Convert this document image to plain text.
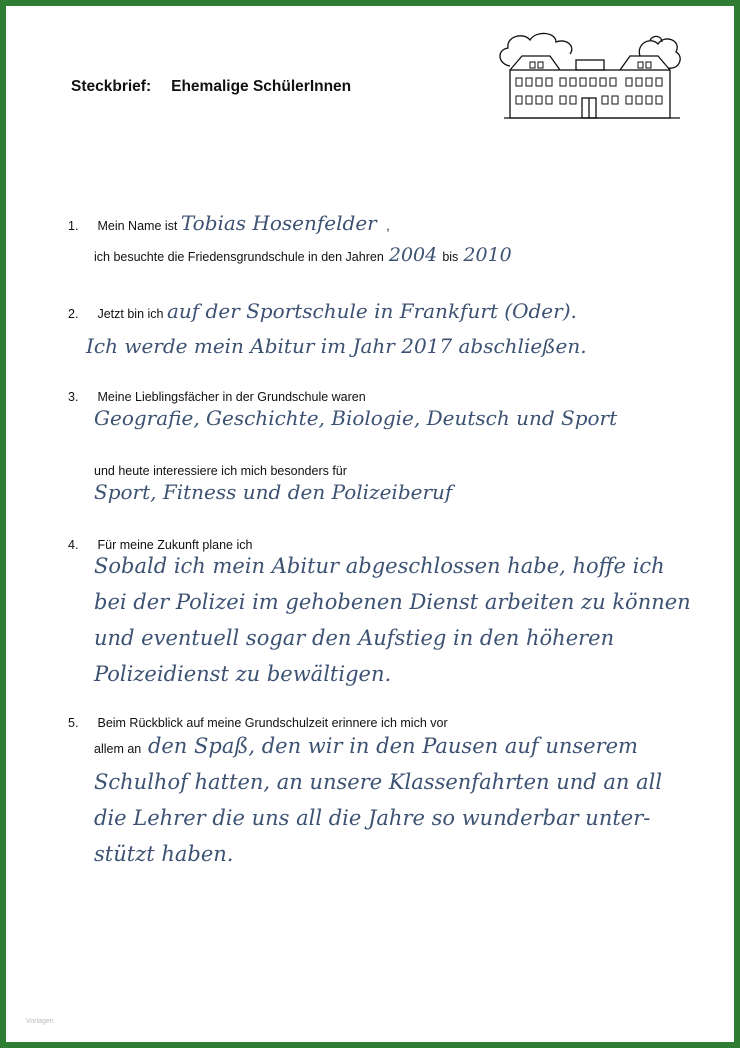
Steckbrief: Ehemalige SchülerInnen
1. Mein Name ist Tobias Hosenfelder ,
ich besuchte die Friedensgrundschule in den Jahren 2004 bis 2010
2. Jetzt bin ich auf der Sportschule in Frankfurt (Oder).
Ich werde mein Abitur im Jahr 2017 abschließen.
3. Meine Lieblingsfächer in der Grundschule waren
Geografie, Geschichte, Biologie, Deutsch und Sport
und heute interessiere ich mich besonders für
Sport, Fitness und den Polizeiberuf
4. Für meine Zukunft plane ich
Sobald ich mein Abitur abgeschlossen habe, hoffe ich
bei der Polizei im gehobenen Dienst arbeiten zu können
und eventuell sogar den Aufstieg in den höheren
Polizeidienst zu bewältigen.
5. Beim Rückblick auf meine Grundschulzeit erinnere ich mich vor
allem an den Spaß, den wir in den Pausen auf unserem
Schulhof hatten, an unsere Klassenfahrten und an all
die Lehrer die uns all die Jahre so wunderbar unter-
stützt haben.
Vorlagen
